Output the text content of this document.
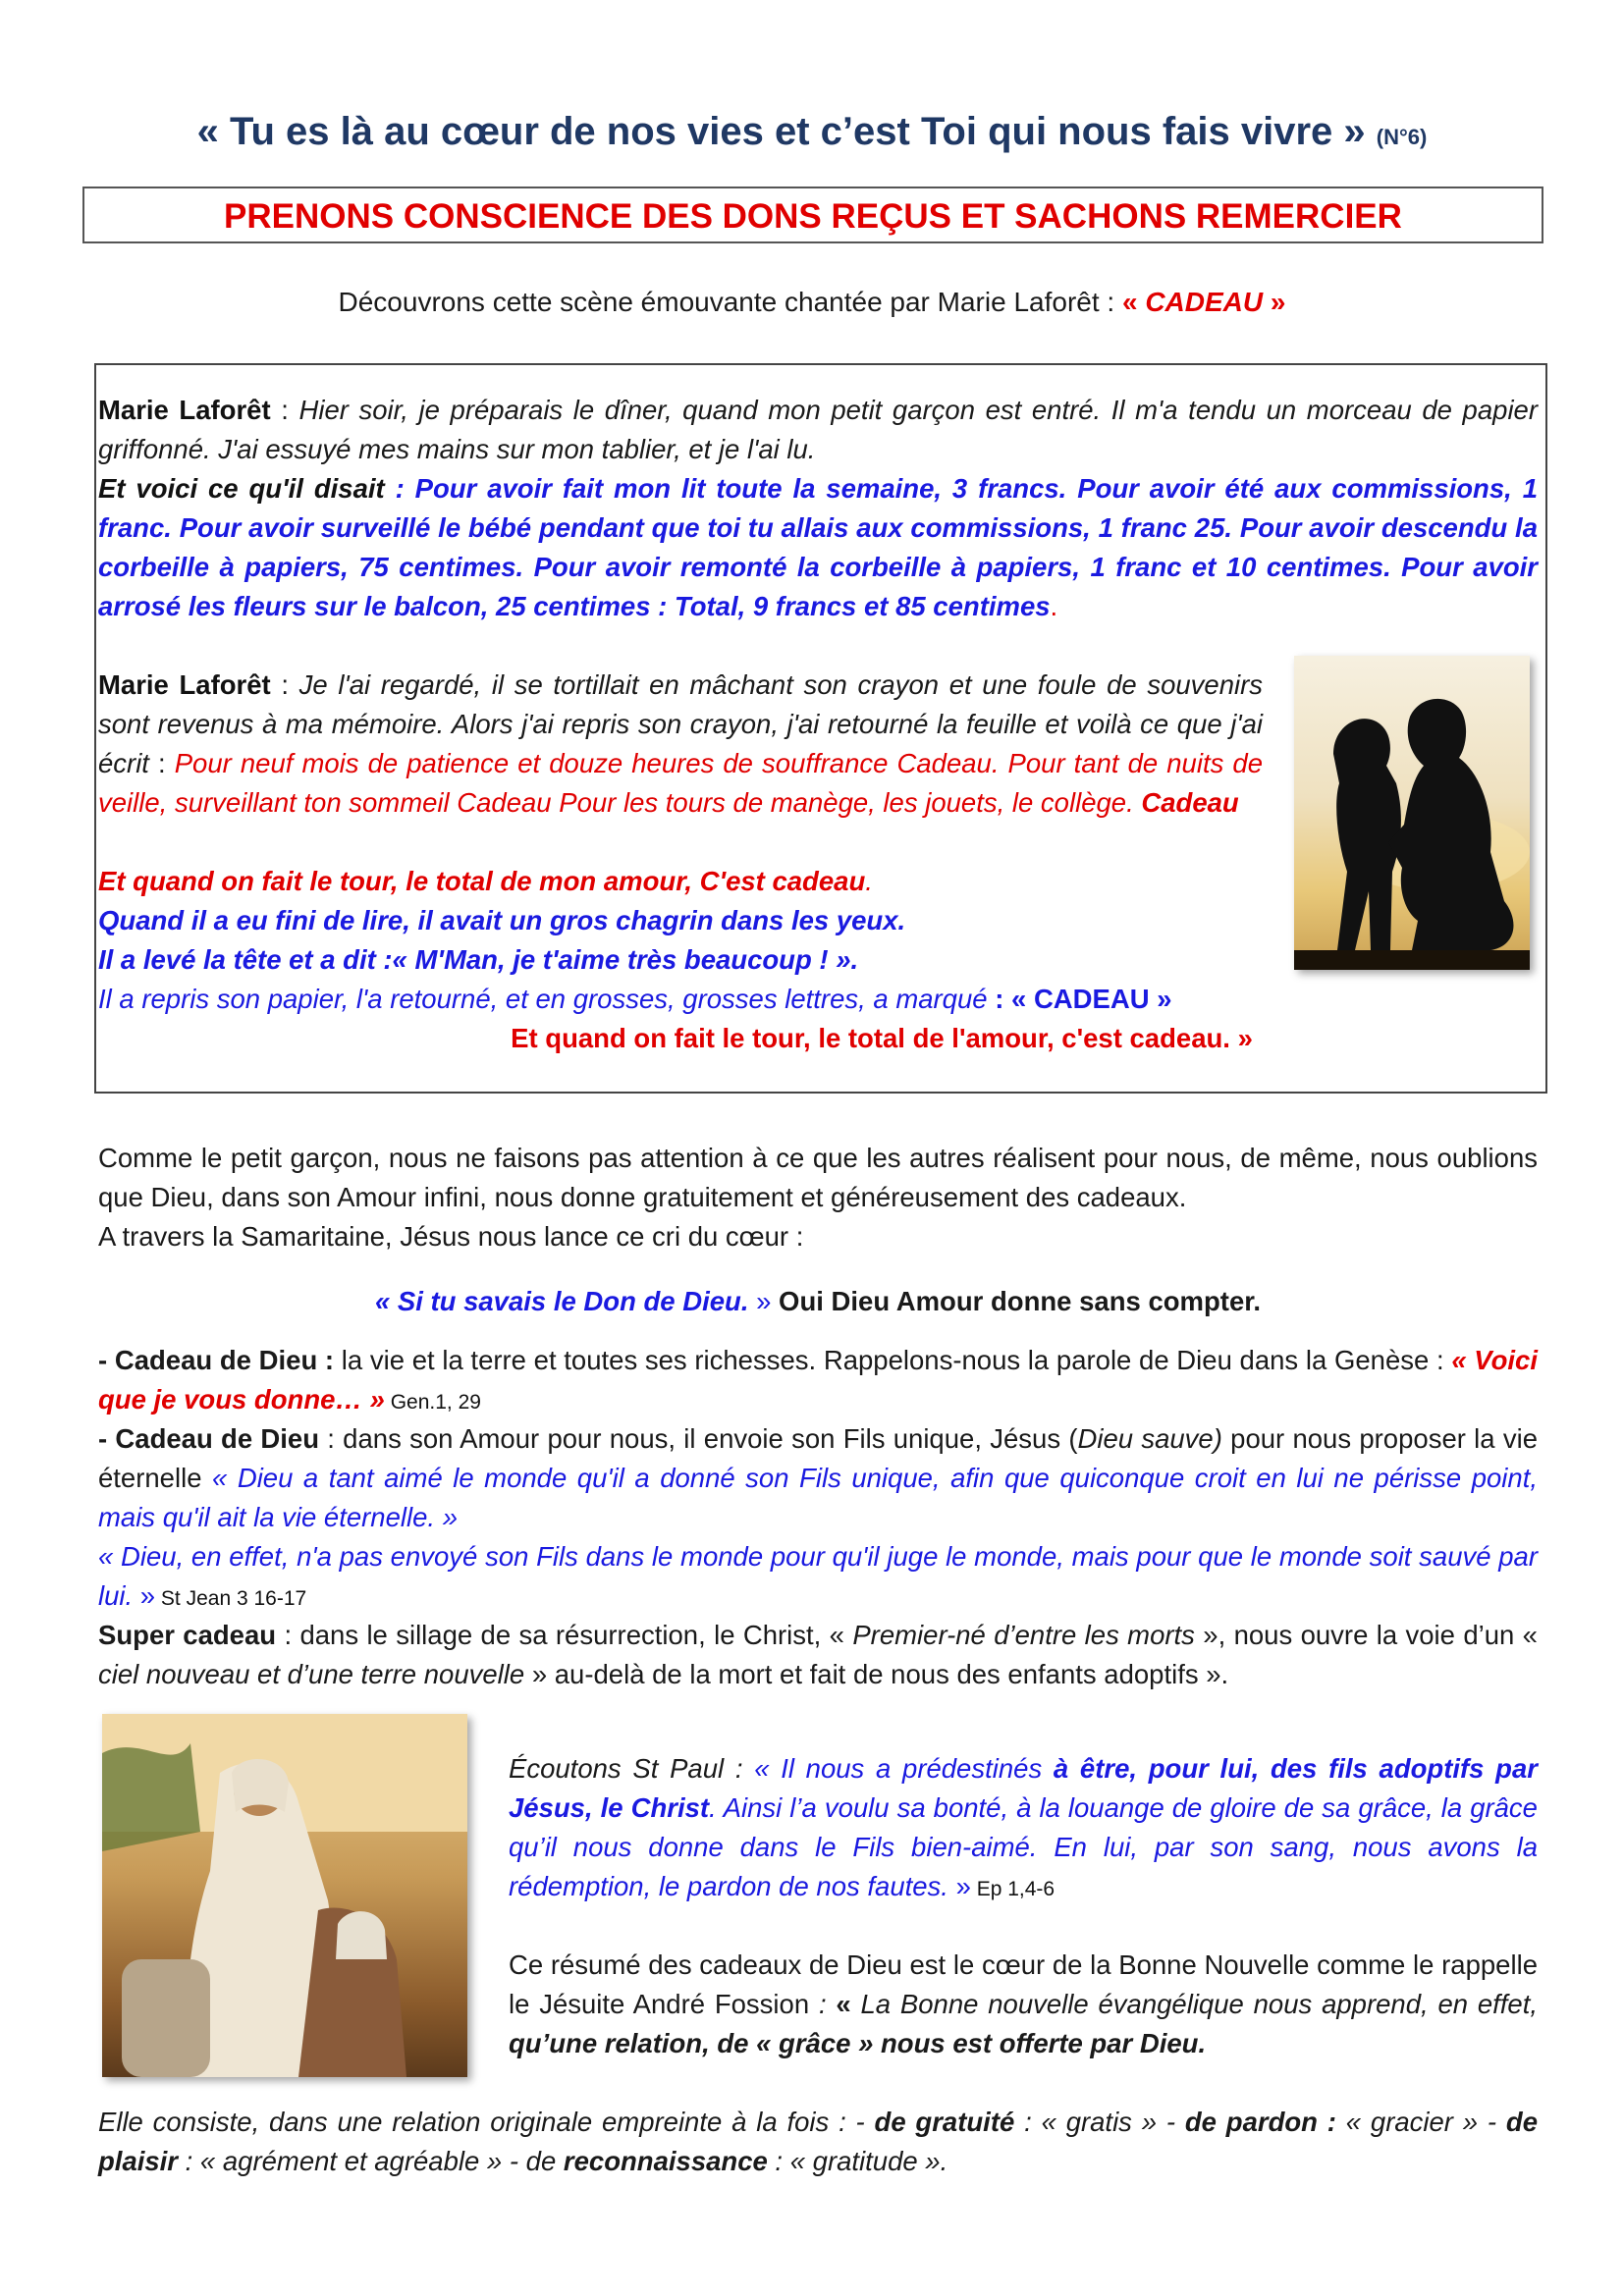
« Tu es là au cœur de nos vies et c’est Toi qui nous fais vivre » (N°6)
PRENONS CONSCIENCE DES DONS REÇUS ET SACHONS REMERCIER
Découvrons cette scène émouvante chantée par Marie Laforêt : « CADEAU »
Marie Laforêt : Hier soir, je préparais le dîner, quand mon petit garçon est entré. Il m'a tendu un morceau de papier griffonné. J'ai essuyé mes mains sur mon tablier, et je l'ai lu.
Et voici ce qu'il disait : Pour avoir fait mon lit toute la semaine, 3 francs. Pour avoir été aux commissions, 1 franc. Pour avoir surveillé le bébé pendant que toi tu allais aux commissions, 1 franc 25. Pour avoir descendu la corbeille à papiers, 75 centimes. Pour avoir remonté la corbeille à papiers, 1 franc et 10 centimes. Pour avoir arrosé les fleurs sur le balcon, 25 centimes : Total, 9 francs et 85 centimes.
Marie Laforêt : Je l'ai regardé, il se tortillait en mâchant son crayon et une foule de souvenirs sont revenus à ma mémoire. Alors j'ai repris son crayon, j'ai retourné la feuille et voilà ce que j'ai écrit : Pour neuf mois de patience et douze heures de souffrance Cadeau. Pour tant de nuits de veille, surveillant ton sommeil Cadeau Pour les tours de manège, les jouets, le collège. Cadeau
Et quand on fait le tour, le total de mon amour, C'est cadeau.
Quand il a eu fini de lire, il avait un gros chagrin dans les yeux.
Il a levé la tête et a dit :« M'Man, je t'aime très beaucoup ! ».
Il a repris son papier, l'a retourné, et en grosses, grosses lettres, a marqué : « CADEAU »
Et quand on fait le tour, le total de l'amour, c'est cadeau. »
Comme le petit garçon, nous ne faisons pas attention à ce que les autres réalisent pour nous, de même, nous oublions que Dieu, dans son Amour infini, nous donne gratuitement et généreusement des cadeaux.
A travers la Samaritaine, Jésus nous lance ce cri du cœur :
« Si tu savais le Don de Dieu. » Oui Dieu Amour donne sans compter.
- Cadeau de Dieu : la vie et la terre et toutes ses richesses. Rappelons-nous la parole de Dieu dans la Genèse : « Voici que je vous donne… » Gen.1, 29
- Cadeau de Dieu : dans son Amour pour nous, il envoie son Fils unique, Jésus (Dieu sauve) pour nous proposer la vie éternelle « Dieu a tant aimé le monde qu'il a donné son Fils unique, afin que quiconque croit en lui ne périsse point, mais qu'il ait la vie éternelle. »
« Dieu, en effet, n'a pas envoyé son Fils dans le monde pour qu'il juge le monde, mais pour que le monde soit sauvé par lui. » St Jean 3 16-17
Super cadeau : dans le sillage de sa résurrection, le Christ, « Premier-né d’entre les morts », nous ouvre la voie d’un « ciel nouveau et d’une terre nouvelle » au-delà de la mort et fait de nous des enfants adoptifs ».
Écoutons St Paul : « Il nous a prédestinés à être, pour lui, des fils adoptifs par Jésus, le Christ. Ainsi l’a voulu sa bonté, à la louange de gloire de sa grâce, la grâce qu’il nous donne dans le Fils bien-aimé. En lui, par son sang, nous avons la rédemption, le pardon de nos fautes. » Ep 1,4-6
Ce résumé des cadeaux de Dieu est le cœur de la Bonne Nouvelle comme le rappelle le Jésuite André Fossion : « La Bonne nouvelle évangélique nous apprend, en effet, qu’une relation, de « grâce » nous est offerte par Dieu.
Elle consiste, dans une relation originale empreinte à la fois : - de gratuité : « gratis » - de pardon : « gracier » - de plaisir : « agrément et agréable » - de reconnaissance : « gratitude ».
